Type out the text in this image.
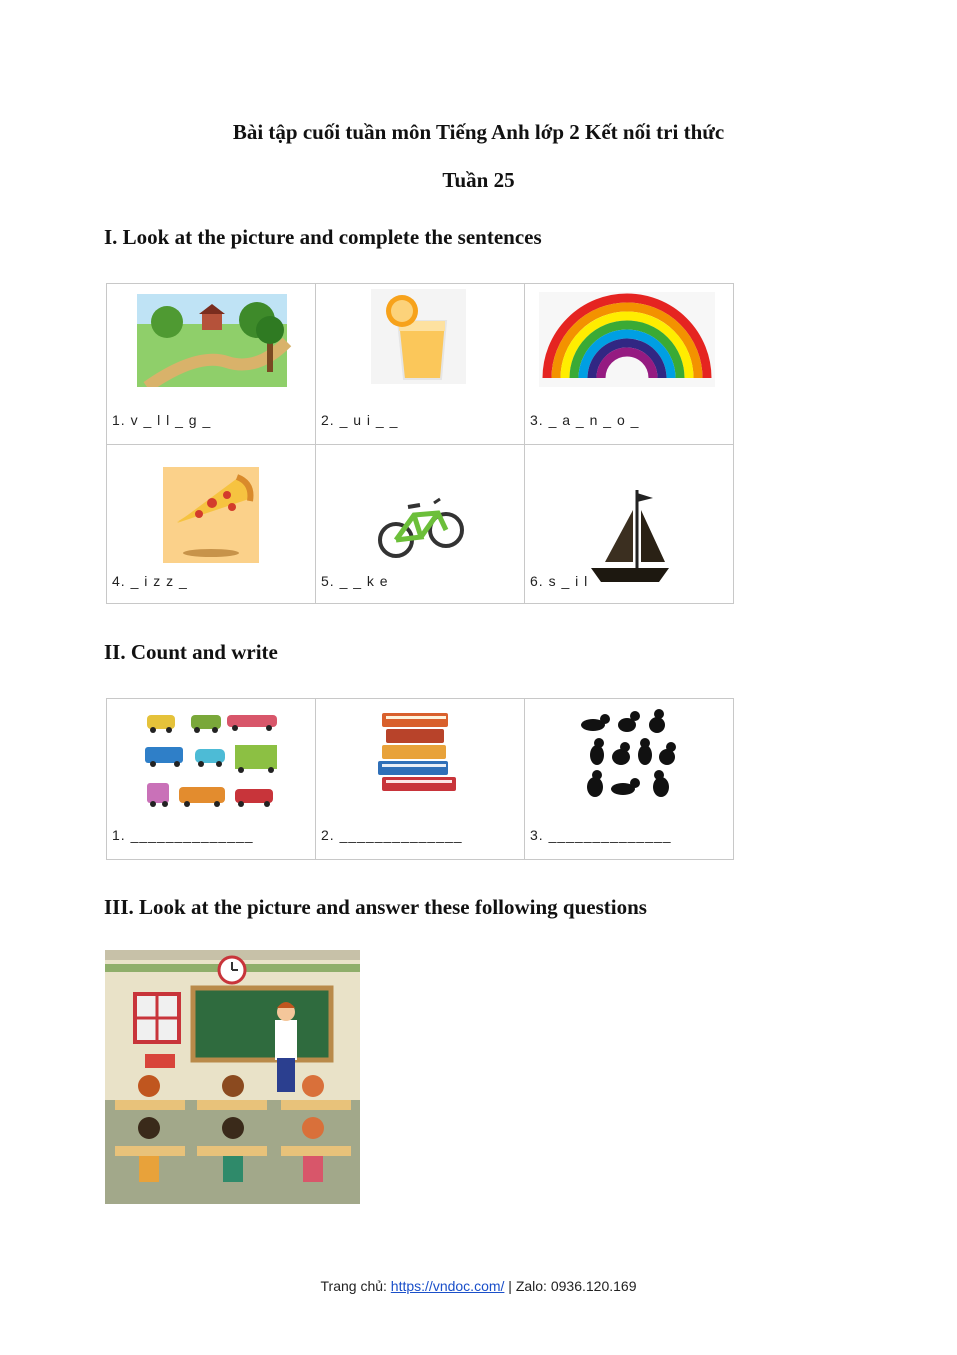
Bài tập cuối tuần môn Tiếng Anh lớp 2 Kết nối tri thức
Tuần 25
I. Look at the picture and complete the sentences
1. v _ l l _ g _	2. _ u i _ _	3. _ a _ n _ o _

4. _ i z z _	5. _ _ k e	6. s _ i l
II. Count and write
1. ______________	2. ______________	3. ______________
III. Look at the picture and answer these following questions
Trang chủ: https://vndoc.com/ | Zalo: 0936.120.169
